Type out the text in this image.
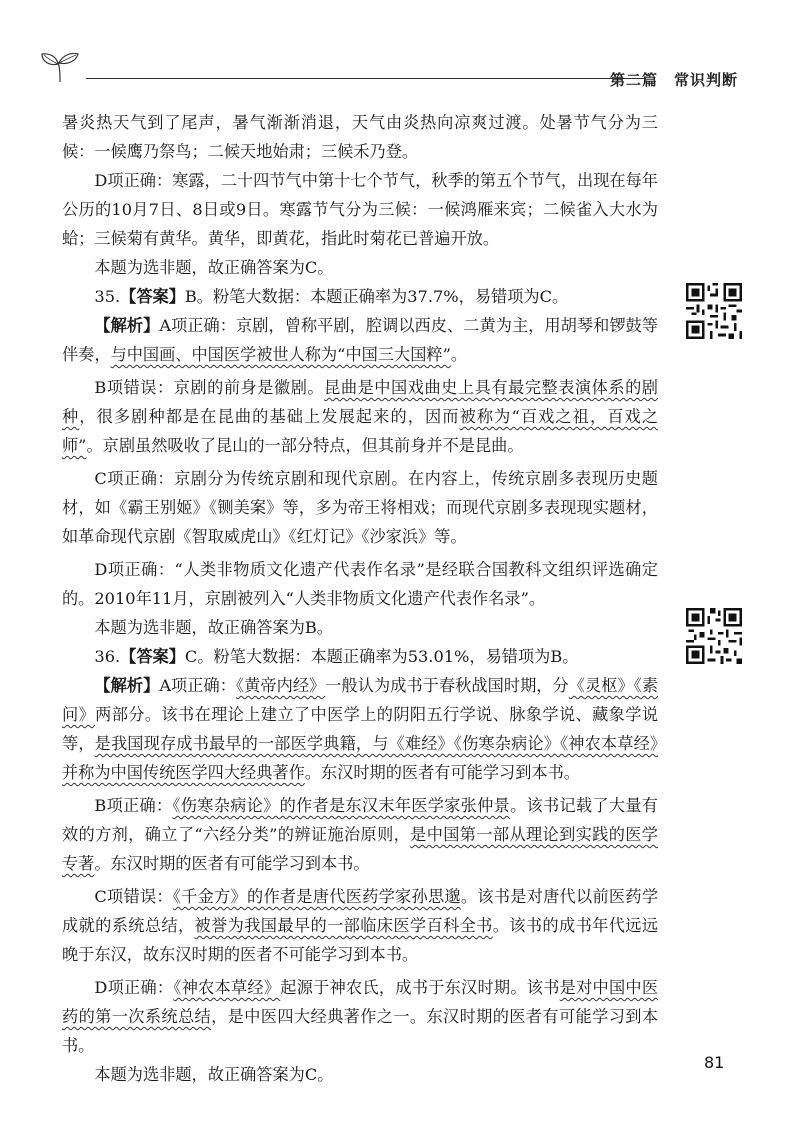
第二篇　常识判断

暑炎热天气到了尾声，暑气渐渐消退，天气由炎热向凉爽过渡。处暑节气分为三候：一候鹰乃祭鸟；二候天地始肃；三候禾乃登。

D项正确：寒露，二十四节气中第十七个节气，秋季的第五个节气，出现在每年公历的10月7日、8日或9日。寒露节气分为三候：一候鸿雁来宾；二候雀入大水为蛤；三候菊有黄华。黄华，即黄花，指此时菊花已普遍开放。

本题为选非题，故正确答案为C。

35.【答案】B。粉笔大数据：本题正确率为37.7%，易错项为C。

【解析】A项正确：京剧，曾称平剧，腔调以西皮、二黄为主，用胡琴和锣鼓等伴奏，与中国画、中国医学被世人称为“中国三大国粹”。

B项错误：京剧的前身是徽剧。昆曲是中国戏曲史上具有最完整表演体系的剧种，很多剧种都是在昆曲的基础上发展起来的，因而被称为“百戏之祖，百戏之师”。京剧虽然吸收了昆山的一部分特点，但其前身并不是昆曲。

C项正确：京剧分为传统京剧和现代京剧。在内容上，传统京剧多表现历史题材，如《霸王别姬》《铡美案》等，多为帝王将相戏；而现代京剧多表现现实题材，如革命现代京剧《智取威虎山》《红灯记》《沙家浜》等。

D项正确：“人类非物质文化遗产代表作名录”是经联合国教科文组织评选确定的。2010年11月，京剧被列入“人类非物质文化遗产代表作名录”。

本题为选非题，故正确答案为B。

36.【答案】C。粉笔大数据：本题正确率为53.01%，易错项为B。

【解析】A项正确：《黄帝内经》一般认为成书于春秋战国时期，分《灵枢》《素问》两部分。该书在理论上建立了中医学上的阴阳五行学说、脉象学说、藏象学说等，是我国现存成书最早的一部医学典籍，与《难经》《伤寒杂病论》《神农本草经》并称为中国传统医学四大经典著作。东汉时期的医者有可能学习到本书。

B项正确：《伤寒杂病论》的作者是东汉末年医学家张仲景。该书记载了大量有效的方剂，确立了“六经分类”的辨证施治原则，是中国第一部从理论到实践的医学专著。东汉时期的医者有可能学习到本书。

C项错误：《千金方》的作者是唐代医药学家孙思邈。该书是对唐代以前医药学成就的系统总结，被誉为我国最早的一部临床医学百科全书。该书的成书年代远远晚于东汉，故东汉时期的医者不可能学习到本书。

D项正确：《神农本草经》起源于神农氏，成书于东汉时期。该书是对中国中医药的第一次系统总结，是中医四大经典著作之一。东汉时期的医者有可能学习到本书。

本题为选非题，故正确答案为C。

81
